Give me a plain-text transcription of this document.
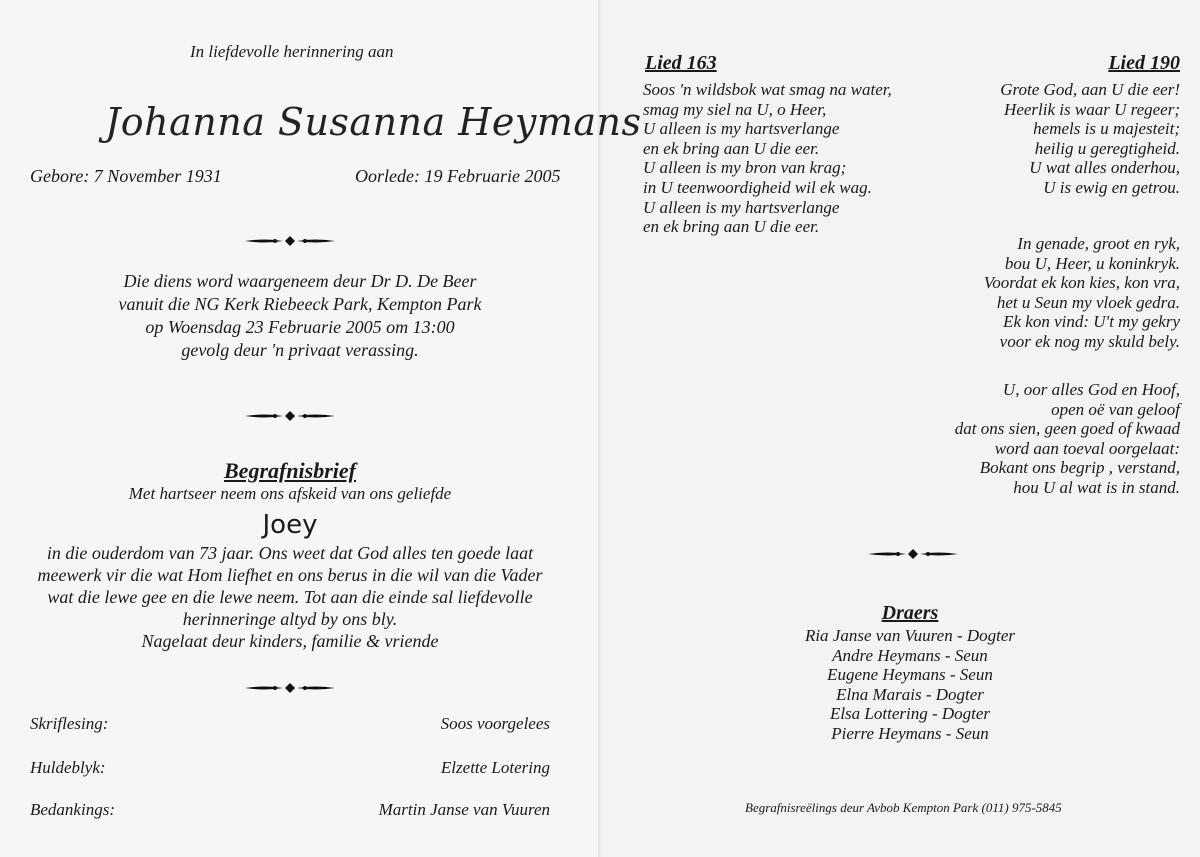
In liefdevolle herinnering aan
Johanna Susanna Heymans
Gebore: 7 November 1931	Oorlede: 19 Februarie 2005
Die diens word waargeneem deur Dr D. De Beer
vanuit die NG Kerk Riebeeck Park, Kempton Park
op Woensdag 23 Februarie 2005 om 13:00
gevolg deur 'n privaat verassing.
Begrafnisbrief
Met hartseer neem ons afskeid van ons geliefde
Joey
in die ouderdom van 73 jaar. Ons weet dat God alles ten goede laat
meewerk vir die wat Hom liefhet en ons berus in die wil van die Vader
wat die lewe gee en die lewe neem. Tot aan die einde sal liefdevolle
herinneringe altyd by ons bly.
Nagelaat deur kinders, familie & vriende
Skriflesing:	Soos voorgelees
Huldeblyk:	Elzette Lotering
Bedankings:	Martin Janse van Vuuren
Lied 163
Soos 'n wildsbok wat smag na water,
smag my siel na U, o Heer,
U alleen is my hartsverlange
en ek bring aan U die eer.
U alleen is my bron van krag;
in U teenwoordigheid wil ek wag.
U alleen is my hartsverlange
en ek bring aan U die eer.
Lied 190
Grote God, aan U die eer!
Heerlik is waar U regeer;
hemels is u majesteit;
heilig u geregtigheid.
U wat alles onderhou,
U is ewig en getrou.
In genade, groot en ryk,
bou U, Heer, u koninkryk.
Voordat ek kon kies, kon vra,
het u Seun my vloek gedra.
Ek kon vind: U't my gekry
voor ek nog my skuld bely.
U, oor alles God en Hoof,
open oë van geloof
dat ons sien, geen goed of kwaad
word aan toeval oorgelaat:
Bokant ons begrip , verstand,
hou U al wat is in stand.
Draers
Ria Janse van Vuuren - Dogter
Andre Heymans - Seun
Eugene Heymans - Seun
Elna Marais - Dogter
Elsa Lottering - Dogter
Pierre Heymans - Seun
Begrafnisreëlings deur Avbob Kempton Park (011) 975-5845
